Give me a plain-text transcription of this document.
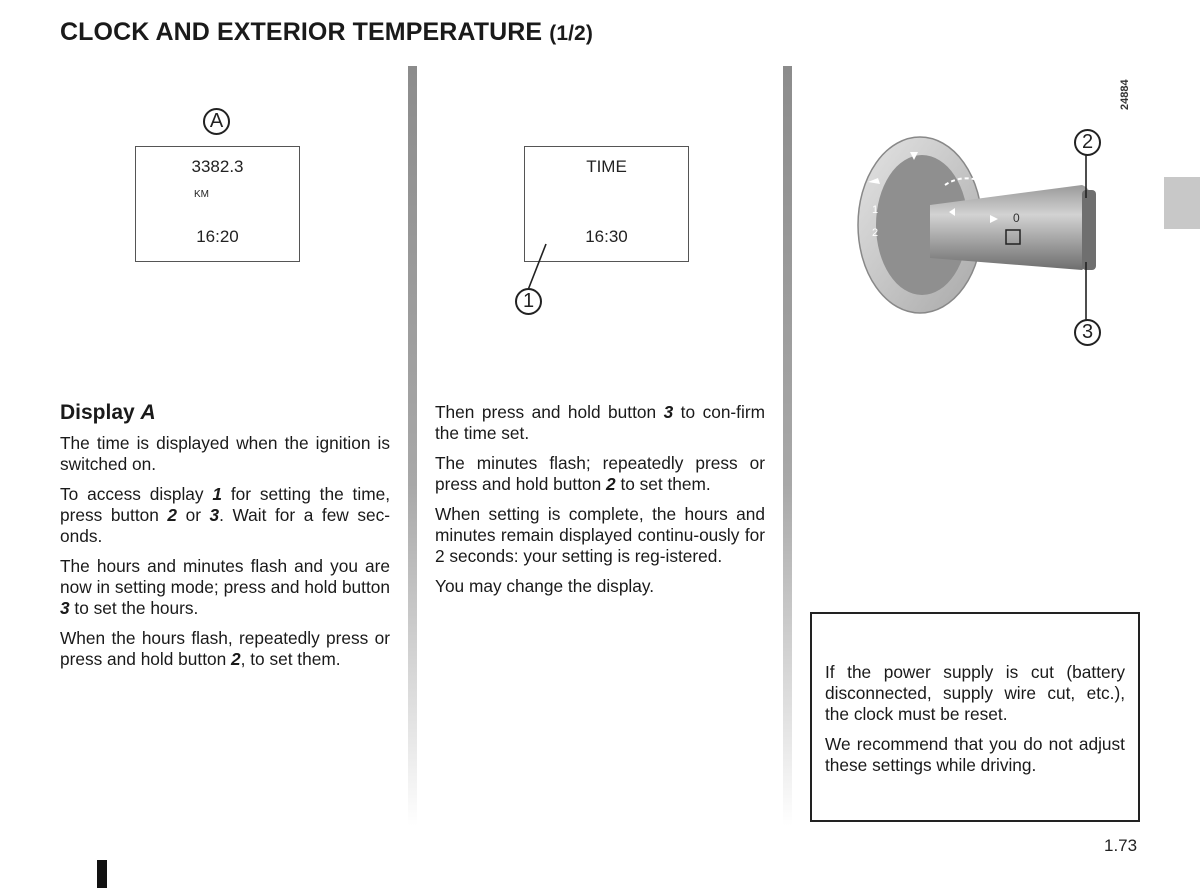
CLOCK AND EXTERIOR TEMPERATURE (1/2)
A
3382.3
KM
16:20
TIME
16:30
1
24884
1
2
0
2
3
Display A

The time is displayed when the ignition is switched on.

To access display 1 for setting the time, press button 2 or 3. Wait for a few sec-onds.

The hours and minutes flash and you are now in setting mode; press and hold button 3 to set the hours.

When the hours flash, repeatedly press or press and hold button 2, to set them.

Then press and hold button 3 to con-firm the time set.

The minutes flash; repeatedly press or press and hold button 2 to set them.

When setting is complete, the hours and minutes remain displayed continu-ously for 2 seconds: your setting is reg-istered.

You may change the display.

If the power supply is cut (battery disconnected, supply wire cut, etc.), the clock must be reset.

We recommend that you do not adjust these settings while driving.

1.73
